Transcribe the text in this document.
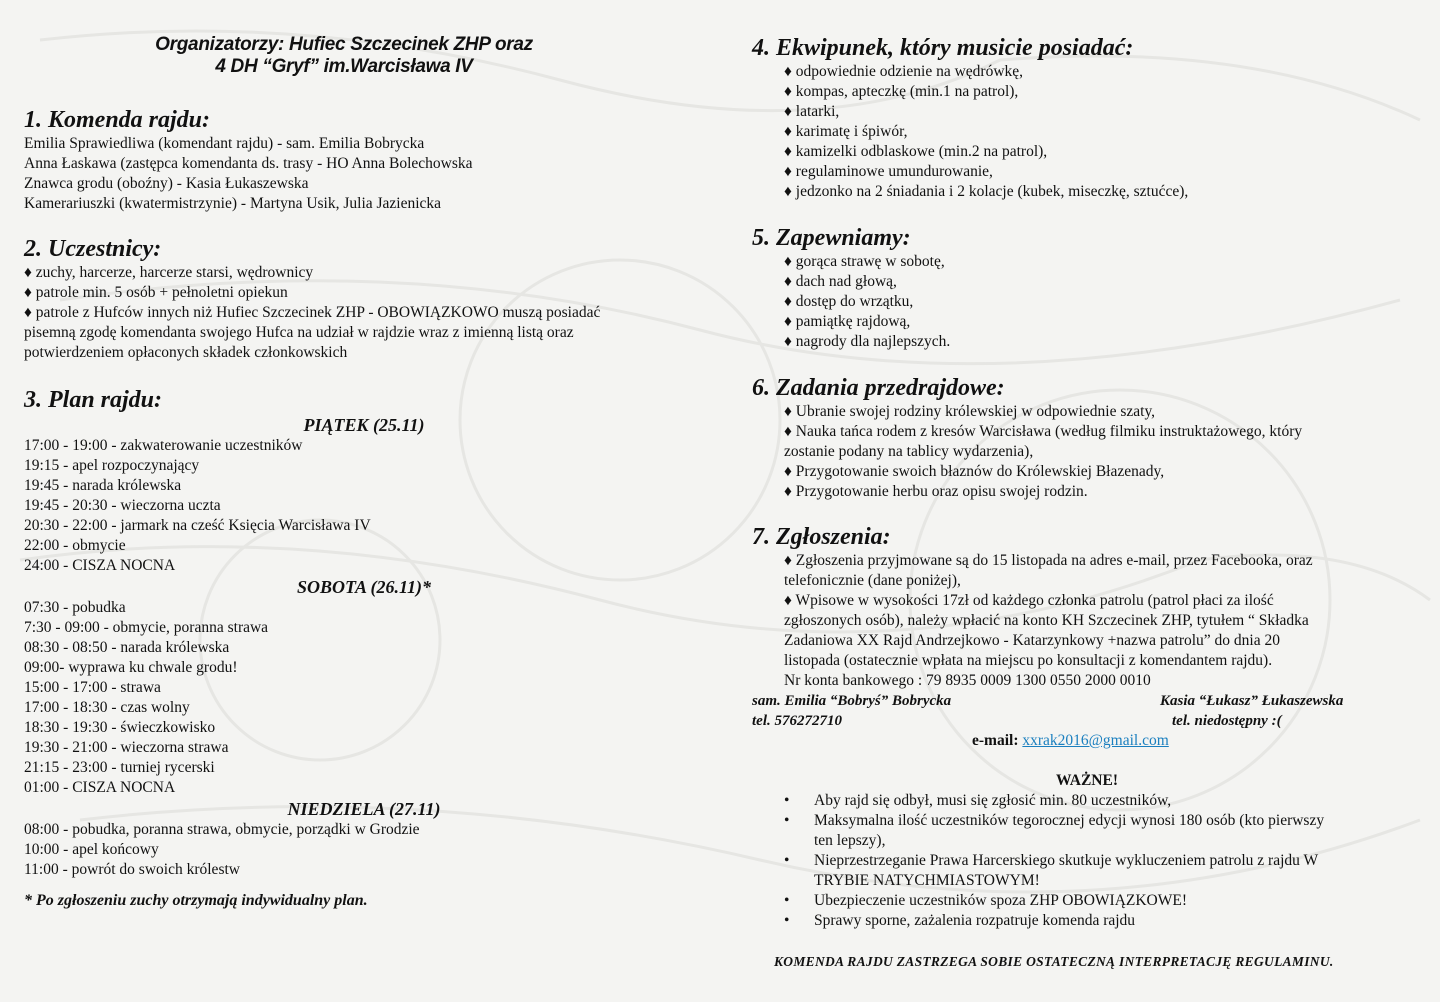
Organizatorzy: Hufiec Szczecinek ZHP oraz
4 DH “Gryf” im.Warcisława IV
1. Komenda rajdu:
Emilia Sprawiedliwa (komendant rajdu) - sam. Emilia Bobrycka
Anna Łaskawa (zastępca komendanta ds. trasy - HO Anna Bolechowska
Znawca grodu (oboźny) - Kasia Łukaszewska
Kamerariuszki (kwatermistrzynie) - Martyna Usik, Julia Jazienicka
2. Uczestnicy:
♦ zuchy, harcerze, harcerze starsi, wędrownicy
♦ patrole min. 5 osób + pełnoletni opiekun
♦ patrole z Hufców innych niż Hufiec Szczecinek ZHP - OBOWIĄZKOWO muszą posiadać
pisemną zgodę komendanta swojego Hufca na udział w rajdzie wraz z imienną listą oraz
potwierdzeniem opłaconych składek członkowskich
3. Plan rajdu:
PIĄTEK (25.11)
17:00 - 19:00 - zakwaterowanie uczestników
19:15 - apel rozpoczynający
19:45 - narada królewska
19:45 - 20:30 - wieczorna uczta
20:30 - 22:00 - jarmark na cześć Księcia Warcisława IV
22:00 - obmycie
24:00 - CISZA NOCNA
SOBOTA (26.11)*
07:30 - pobudka
7:30 - 09:00 - obmycie, poranna strawa
08:30 - 08:50 - narada królewska
09:00- wyprawa ku chwale grodu!
15:00 - 17:00 - strawa
17:00 - 18:30 - czas wolny
18:30 - 19:30 - świeczkowisko
19:30 - 21:00 - wieczorna strawa
21:15 - 23:00 - turniej rycerski
01:00 - CISZA NOCNA
NIEDZIELA (27.11)
08:00 - pobudka, poranna strawa, obmycie, porządki w Grodzie
10:00 - apel końcowy
11:00 - powrót do swoich królestw
* Po zgłoszeniu zuchy otrzymają indywidualny plan.
4. Ekwipunek, który musicie posiadać:
♦ odpowiednie odzienie na wędrówkę,
♦ kompas, apteczkę (min.1 na patrol),
♦ latarki,
♦ karimatę i śpiwór,
♦ kamizelki odblaskowe (min.2 na patrol),
♦ regulaminowe umundurowanie,
♦ jedzonko na 2 śniadania i 2 kolacje (kubek, miseczkę, sztućce),
5. Zapewniamy:
♦ gorąca strawę w sobotę,
♦ dach nad głową,
♦ dostęp do wrzątku,
♦ pamiątkę rajdową,
♦ nagrody dla najlepszych.
6. Zadania przedrajdowe:
♦ Ubranie swojej rodziny królewskiej w odpowiednie szaty,
♦ Nauka tańca rodem z kresów Warcisława (według filmiku instruktażowego, który
zostanie podany na tablicy wydarzenia),
♦ Przygotowanie swoich błaznów do Królewskiej Błazenady,
♦ Przygotowanie herbu oraz opisu swojej rodzin.
7. Zgłoszenia:
♦ Zgłoszenia przyjmowane są do 15 listopada na adres e-mail, przez Facebooka, oraz
telefonicznie (dane poniżej),
♦ Wpisowe w wysokości 17zł od każdego członka patrolu (patrol płaci za ilość
zgłoszonych osób), należy wpłacić na konto KH Szczecinek ZHP, tytułem “ Składka
Zadaniowa XX Rajd Andrzejkowo - Katarzynkowy +nazwa patrolu” do dnia 20
listopada (ostatecznie wpłata na miejscu po konsultacji z komendantem rajdu).
Nr konta bankowego : 79 8935 0009 1300 0550 2000 0010
sam. Emilia “Bobryś” Bobrycka
tel. 576272710
Kasia “Łukasz” Łukaszewska
tel. niedostępny :(
e-mail: xxrak2016@gmail.com
WAŻNE!
• Aby rajd się odbył, musi się zgłosić min. 80 uczestników,
• Maksymalna ilość uczestników tegorocznej edycji wynosi 180 osób (kto pierwszy
ten lepszy),
• Nieprzestrzeganie Prawa Harcerskiego skutkuje wykluczeniem patrolu z rajdu W
TRYBIE NATYCHMIASTOWYM!
• Ubezpieczenie uczestników spoza ZHP OBOWIĄZKOWE!
• Sprawy sporne, zażalenia rozpatruje komenda rajdu
KOMENDA RAJDU ZASTRZEGA SOBIE OSTATECZNĄ INTERPRETACJĘ REGULAMINU.
